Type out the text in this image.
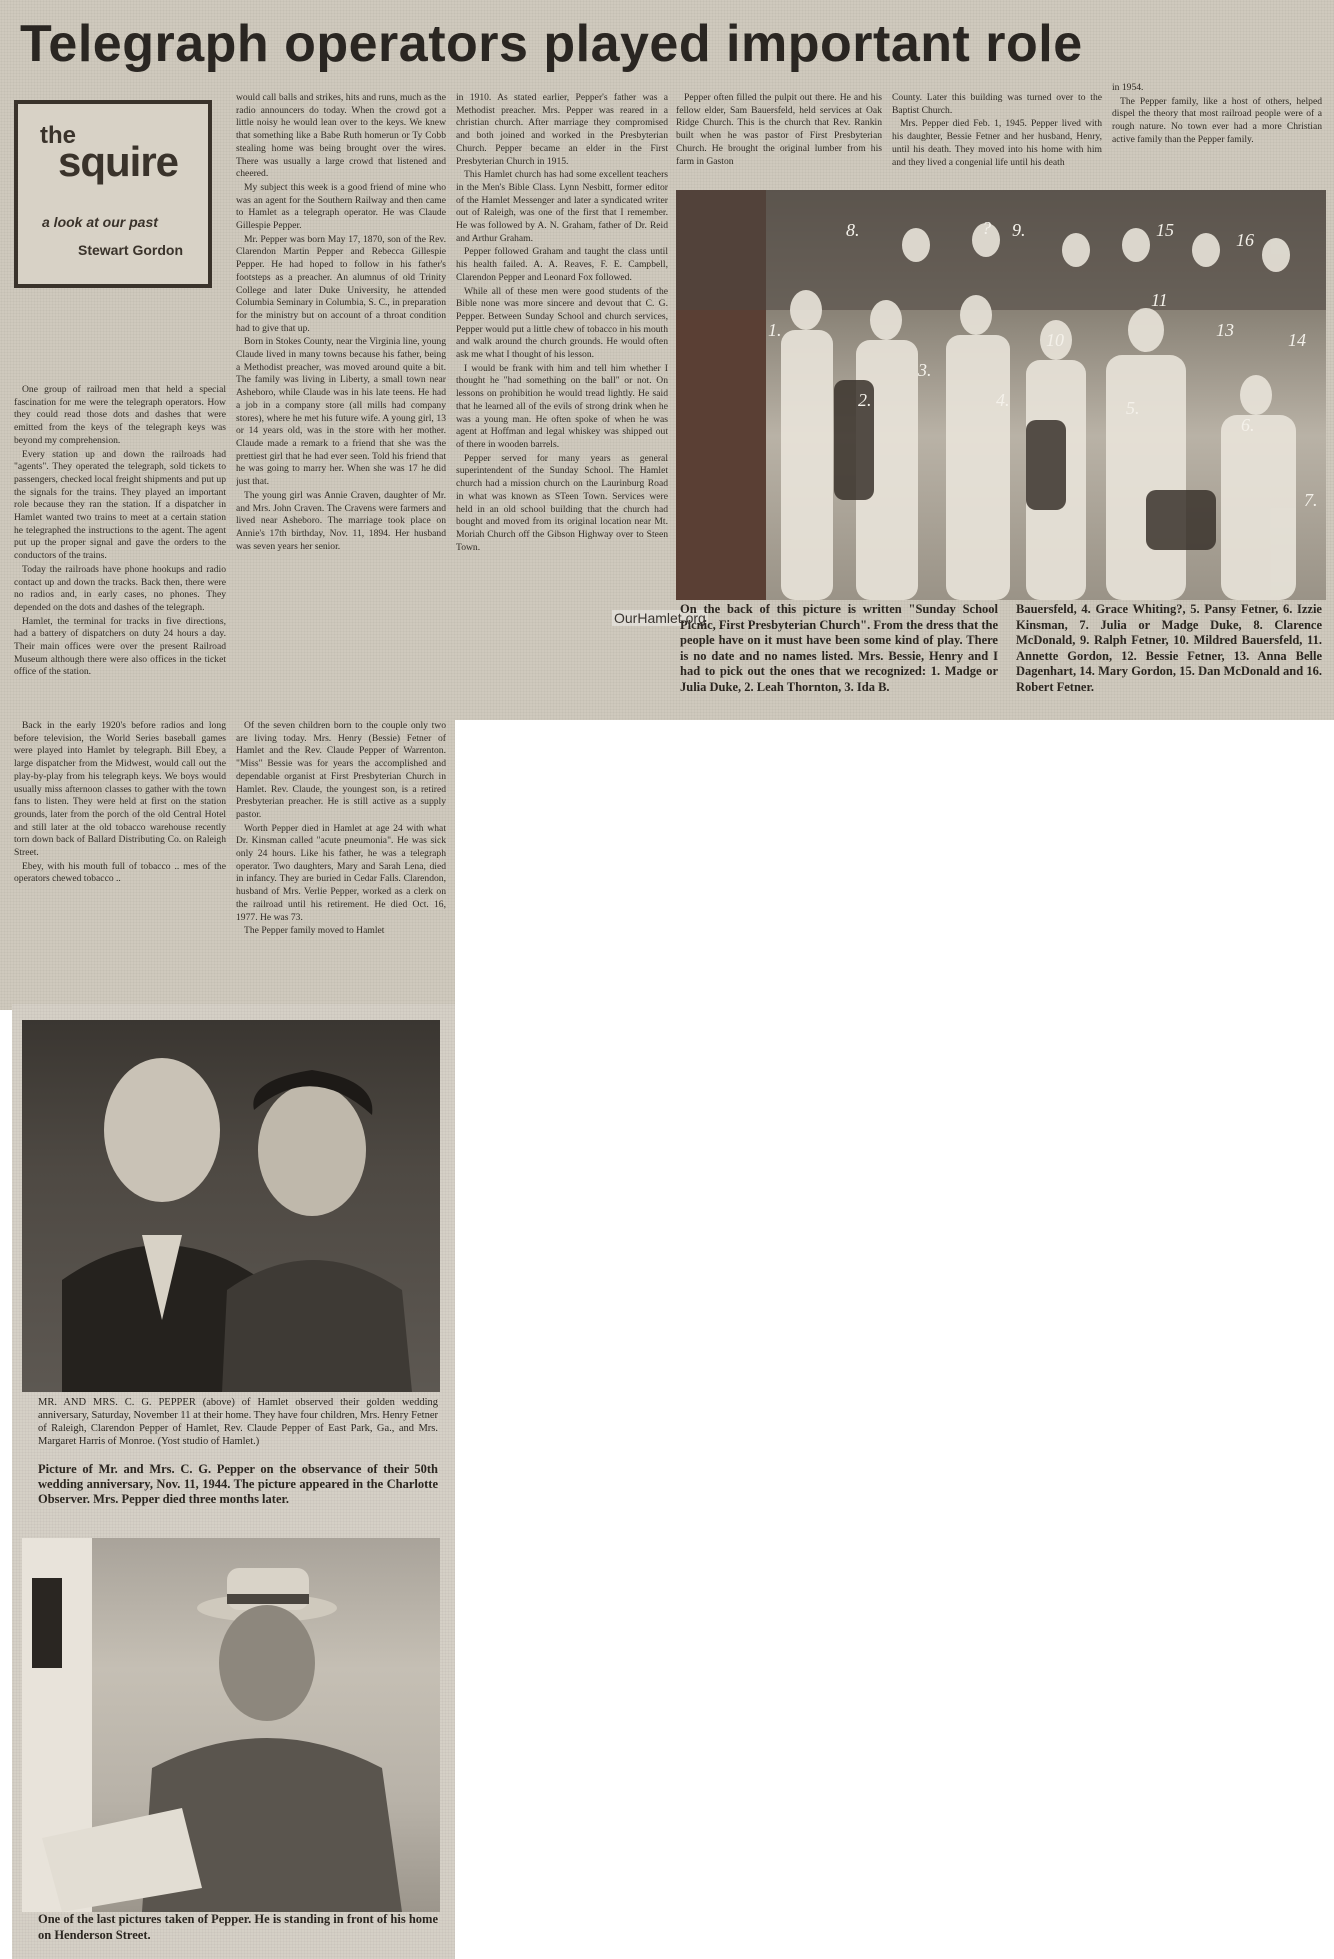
Telegraph operators played important role
the
squire
a look at our past
Stewart Gordon

One group of railroad men that held a special fascination for me were the telegraph operators. How they could read those dots and dashes that were emitted from the keys of the telegraph keys was beyond my comprehension.

Every station up and down the railroads had "agents". They operated the telegraph, sold tickets to passengers, checked local freight shipments and put up the signals for the trains. They played an important role because they ran the station. If a dispatcher in Hamlet wanted two trains to meet at a certain station he telegraphed the instructions to the agent. The agent put up the proper signal and gave the orders to the conductors of the trains.

Today the railroads have phone hookups and radio contact up and down the tracks. Back then, there were no radios and, in early cases, no phones. They depended on the dots and dashes of the telegraph.

Hamlet, the terminal for tracks in five directions, had a battery of dispatchers on duty 24 hours a day. Their main offices were over the present Railroad Museum although there were also offices in the ticket office of the station.

would call balls and strikes, hits and runs, much as the radio announcers do today. When the crowd got a little noisy he would lean over to the keys. We knew that something like a Babe Ruth homerun or Ty Cobb stealing home was being brought over the wires. There was usually a large crowd that listened and cheered.

My subject this week is a good friend of mine who was an agent for the Southern Railway and then came to Hamlet as a telegraph operator. He was Claude Gillespie Pepper.

Mr. Pepper was born May 17, 1870, son of the Rev. Clarendon Martin Pepper and Rebecca Gillespie Pepper. He had hoped to follow in his father's footsteps as a preacher. An alumnus of old Trinity College and later Duke University, he attended Columbia Seminary in Columbia, S. C., in preparation for the ministry but on account of a throat condition had to give that up.

Born in Stokes County, near the Virginia line, young Claude lived in many towns because his father, being a Methodist preacher, was moved around quite a bit. The family was living in Liberty, a small town near Asheboro, while Claude was in his late teens. He had a job in a company store (all mills had company stores), where he met his future wife. A young girl, 13 or 14 years old, was in the store with her mother. Claude made a remark to a friend that she was the prettiest girl that he had ever seen. Told his friend that he was going to marry her. When she was 17 he did just that.

The young girl was Annie Craven, daughter of Mr. and Mrs. John Craven. The Cravens were farmers and lived near Asheboro. The marriage took place on Annie's 17th birthday, Nov. 11, 1894. Her husband was seven years her senior.

in 1910. As stated earlier, Pepper's father was a Methodist preacher. Mrs. Pepper was reared in a christian church. After marriage they compromised and both joined and worked in the Presbyterian Church. Pepper became an elder in the First Presbyterian Church in 1915.

This Hamlet church has had some excellent teachers in the Men's Bible Class. Lynn Nesbitt, former editor of the Hamlet Messenger and later a syndicated writer out of Raleigh, was one of the first that I remember. He was followed by A. N. Graham, father of Dr. Reid and Arthur Graham.

Pepper followed Graham and taught the class until his health failed. A. A. Reaves, F. E. Campbell, Clarendon Pepper and Leonard Fox followed.

While all of these men were good students of the Bible none was more sincere and devout that C. G. Pepper. Between Sunday School and church services, Pepper would put a little chew of tobacco in his mouth and walk around the church grounds. He would often ask me what I thought of his lesson.

I would be frank with him and tell him whether I thought he "had something on the ball" or not. On lessons on prohibition he would tread lightly. He said that he learned all of the evils of strong drink when he was a young man. He often spoke of when he was agent at Hoffman and legal whiskey was shipped out of there in wooden barrels.

Pepper served for many years as general superintendent of the Sunday School. The Hamlet church had a mission church on the Laurinburg Road in what was known as STeen Town. Services were held in an old school building that the church had bought and moved from its original location near Mt. Moriah Church off the Gibson Highway over to Steen Town.

Pepper often filled the pulpit out there. He and his fellow elder, Sam Bauersfeld, held services at Oak Ridge Church. This is the church that Rev. Rankin built when he was pastor of First Presbyterian Church. He brought the original lumber from his farm in Gaston

County. Later this building was turned over to the Baptist Church.

Mrs. Pepper died Feb. 1, 1945. Pepper lived with his daughter, Bessie Fetner and her husband, Henry, until his death. They moved into his home with him and they lived a congenial life until his death

in 1954.

The Pepper family, like a host of others, helped dispel the theory that most railroad people were of a rough nature. No town ever had a more Christian active family than the Pepper family.

1.
2.
3.
4.	5.
6.
7.
8.	9.
10
11
13	14
15	16
?
OurHamlet.org
On the back of this picture is written "Sunday School Picnic, First Presbyterian Church". From the dress that the people have on it must have been some kind of play. There is no date and no names listed. Mrs. Bessie, Henry and I had to pick out the ones that we recognized: 1. Madge or Julia Duke, 2. Leah Thornton, 3. Ida B.
Bauersfeld, 4. Grace Whiting?, 5. Pansy Fetner, 6. Izzie Kinsman, 7. Julia or Madge Duke, 8. Clarence McDonald, 9. Ralph Fetner, 10. Mildred Bauersfeld, 11. Annette Gordon, 12. Bessie Fetner, 13. Anna Belle Dagenhart, 14. Mary Gordon, 15. Dan McDonald and 16. Robert Fetner.

Back in the early 1920's before radios and long before television, the World Series baseball games were played into Hamlet by telegraph. Bill Ebey, a large dispatcher from the Midwest, would call out the play-by-play from his telegraph keys. We boys would usually miss afternoon classes to gather with the town fans to listen. They were held at first on the station grounds, later from the porch of the old Central Hotel and still later at the old tobacco warehouse recently torn down back of Ballard Distributing Co. on Raleigh Street.

Ebey, with his mouth full of tobacco .. mes of the operators chewed tobacco ..

Of the seven children born to the couple only two are living today. Mrs. Henry (Bessie) Fetner of Hamlet and the Rev. Claude Pepper of Warrenton. "Miss" Bessie was for years the accomplished and dependable organist at First Presbyterian Church in Hamlet. Rev. Claude, the youngest son, is a retired Presbyterian preacher. He is still active as a supply pastor.

Worth Pepper died in Hamlet at age 24 with what Dr. Kinsman called "acute pneumonia". He was sick only 24 hours. Like his father, he was a telegraph operator. Two daughters, Mary and Sarah Lena, died in infancy. They are buried in Cedar Falls. Clarendon, husband of Mrs. Verlie Pepper, worked as a clerk on the railroad until his retirement. He died Oct. 16, 1977. He was 73.

The Pepper family moved to Hamlet

MR. AND MRS. C. G. PEPPER (above) of Hamlet observed their golden wedding anniversary, Saturday, November 11 at their home. They have four children, Mrs. Henry Fetner of Raleigh, Clarendon Pepper of Hamlet, Rev. Claude Pepper of East Park, Ga., and Mrs. Margaret Harris of Monroe. (Yost studio of Hamlet.)
Picture of Mr. and Mrs. C. G. Pepper on the observance of their 50th wedding anniversary, Nov. 11, 1944. The picture appeared in the Charlotte Observer. Mrs. Pepper died three months later.
One of the last pictures taken of Pepper. He is standing in front of his home on Henderson Street.
